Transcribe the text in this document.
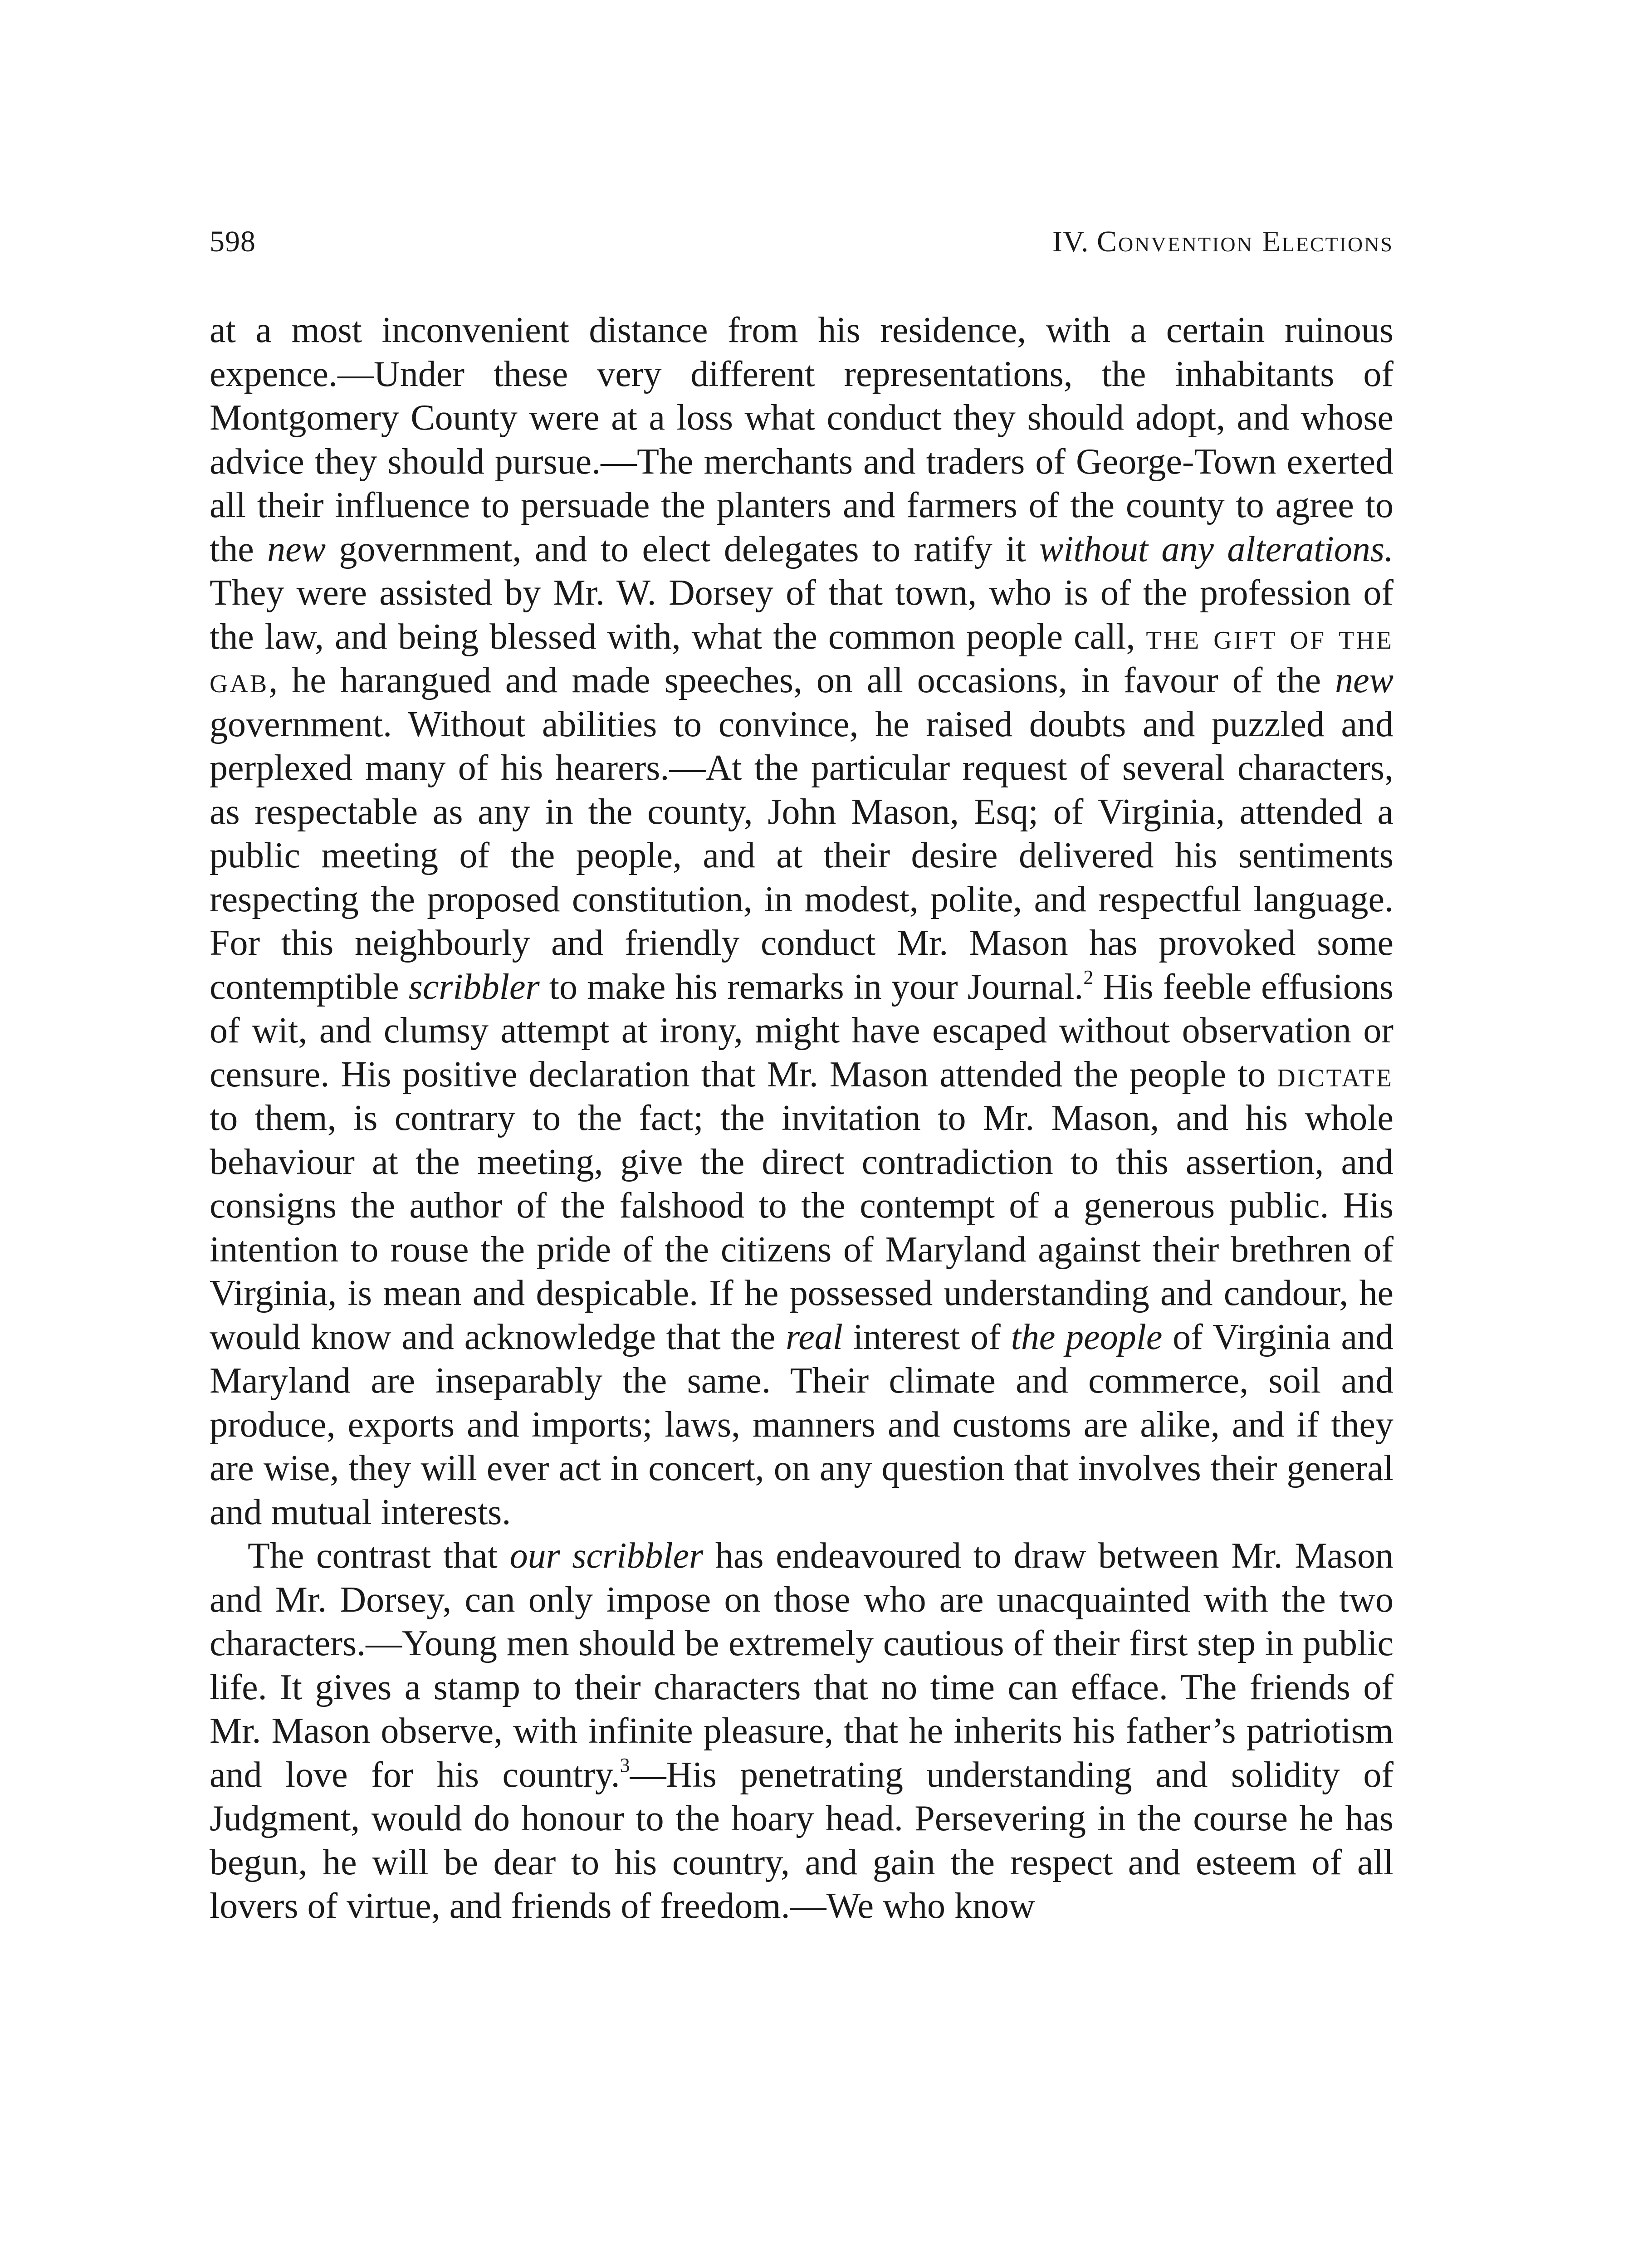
598	IV. Convention Elections

at a most inconvenient distance from his residence, with a certain ruinous expence.—Under these very different representations, the inhabitants of Montgomery County were at a loss what conduct they should adopt, and whose advice they should pursue.—The merchants and traders of George-Town exerted all their influence to persuade the planters and farmers of the county to agree to the new government, and to elect delegates to ratify it without any alterations. They were assisted by Mr. W. Dorsey of that town, who is of the profession of the law, and being blessed with, what the common people call, the gift of the gab, he harangued and made speeches, on all occasions, in favour of the new government. Without abilities to convince, he raised doubts and puzzled and perplexed many of his hearers.—At the particular request of several characters, as respectable as any in the county, John Mason, Esq; of Virginia, attended a public meeting of the people, and at their desire delivered his sentiments respecting the proposed constitution, in modest, polite, and respectful language. For this neighbourly and friendly conduct Mr. Mason has provoked some contemptible scribbler to make his remarks in your Journal.$^2$ His feeble effusions of wit, and clumsy attempt at irony, might have escaped without observation or censure. His positive declaration that Mr. Mason attended the people to dictate to them, is contrary to the fact; the invitation to Mr. Mason, and his whole behaviour at the meeting, give the direct contradiction to this assertion, and consigns the author of the falshood to the contempt of a generous public. His intention to rouse the pride of the citizens of Maryland against their brethren of Virginia, is mean and despicable. If he possessed understanding and candour, he would know and acknowledge that the real interest of the people of Virginia and Maryland are inseparably the same. Their climate and commerce, soil and produce, exports and imports; laws, manners and customs are alike, and if they are wise, they will ever act in concert, on any question that involves their general and mutual interests.

The contrast that our scribbler has endeavoured to draw between Mr. Mason and Mr. Dorsey, can only impose on those who are unacquainted with the two characters.—Young men should be extremely cautious of their first step in public life. It gives a stamp to their characters that no time can efface. The friends of Mr. Mason observe, with infinite pleasure, that he inherits his father’s patriotism and love for his country.$^3$—His penetrating understanding and solidity of Judgment, would do honour to the hoary head. Persevering in the course he has begun, he will be dear to his country, and gain the respect and esteem of all lovers of virtue, and friends of freedom.—We who know
